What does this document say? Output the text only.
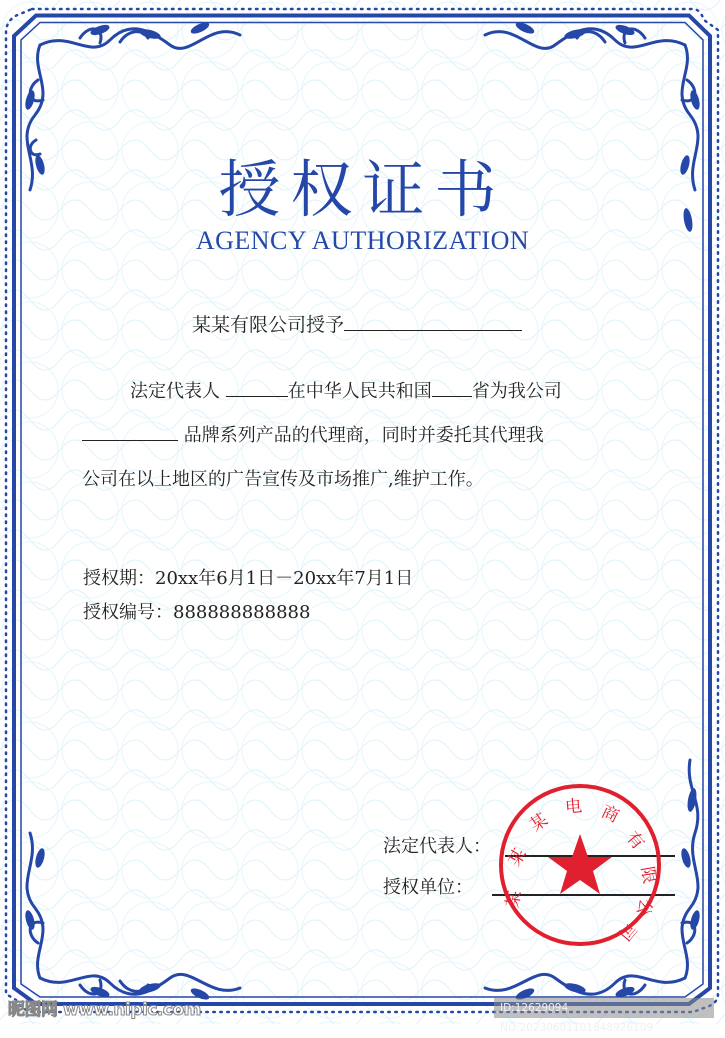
授权证书
AGENCY AUTHORIZATION
某某有限公司授予
法定代表人	在中华人民共和国 省为我公司
品牌系列产品的代理商，同时并委托其代理我
公司在以上地区的广告宣传及市场推广,维护工作。
授权期：20xx年6月1日－20xx年7月1日
授权编号：888888888888
法定代表人：
授权单位：
某
某
某
电 商
有
限
公
司
昵图网 www.nipic.com	ID:12629094 NO:20230601101848926109
